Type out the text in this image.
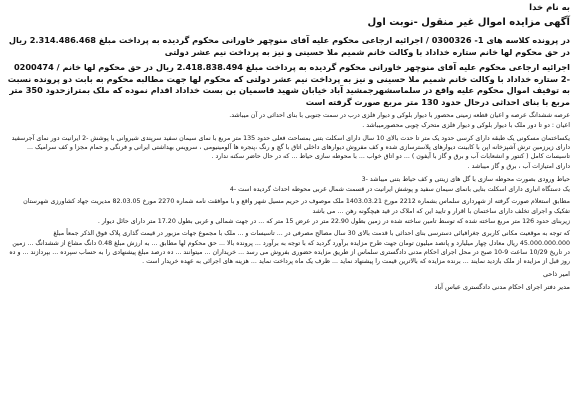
به نام خدا

آگهی مزایده اموال غیر منقول -نوبت اول

در پرونده کلاسه های 1- 0300326 / اجرائیه ارجاعی محکوم علیه آقای منوچهر خاورانی محکوم گردیده به پرداخت مبلغ 2.314.486.468 ریال در حق محکوم لها خانم ستاره خداداد با وکالت خانم شمیم ملا حسینی و نیز به پرداخت نیم عشر دولتی

اجرائیه ارجاعی محکوم علیه آقای منوچهر خاورانی محکوم گردیده به پرداخت مبلغ 2.418.838.494 ریال در حق محکوم لها خانم / 0200474 -2 ستاره خداداد با وکالت خانم شمیم ملا حسینی و نیز به پرداخت نیم عشر دولتی که محکوم لها جهت مطالبه محکوم به بابت دو پرونده نسبت به توقیف اموال محکوم علیه واقع در سلماسشهرجمشید آباد خیابان شهید قاسمیان بن بست خداداد اقدام نموده که ملک بمترازحدود 350 متر مربع با بنای احداثی درحال حدود 130 متر مربع صورت گرفته است

عرصه ششدانگ عرصه و اعیان قطعه زمینی محصور با دیوار بلوکی و دیوار فلزی درب در سمت جنوبی با بنای احداثی در آن میباشد.

اعیان : دو تا دور ملک با دیوار بلوکی و دیوار فلزی متحرک چوبی محصورمیباشد .

یکساختمان مسکونی یک طبقه دارای کرسی حدود یک متر تا حدت بالای 10 سال دارای اسکلت بتنی بمساحت فعلی حدود 135 متر مربع با نمای سیمان سفید سرپندی شیروانی با پوشش -2 ایرانیت دور نمای آجرسفید دارای زیرزمین ترش آشپزخانه اپن با کابینت دیوارهای پلاسترسازی شده و کف مفروش دیوارهای داخلی اتاق با گچ و رنگ ،پنجره ها آلومینیومی ، سرویس بهداشتی ایرانی و فرنگی و حمام مجزا و کف سرامیک ... تاسیسات کامل ( کنتور و انشعابات آب و برق و گاز با آیفون ) ... دو اتاق خواب ... با محوطه سازی حیاط ... که در حال حاضر سکنه ندارد .

دارای امتیازات آب ، برق و گاز میباشد .

حیاط ورودی بصورت محوطه سازی با گل های زینتی و کف حیاط بتنی میباشد -3

یک دستگاه انباری دارای اسکلت بنایی بانمای سیمان سفید و پوشش ایرانیت در قسمت شمال غربی محوطه احداث گردیده است -4

مطابق استعلام صورت گرفته از شهرداری سلماس بشماره 2212 مورخ 1403.03.21 ملک موصوف در حریم مسیل شهر واقع و با موافقت نامه شماره 2270 مورخ 82.03.05 مدیریت جهاد کشاورزی شهرستان تفکیک و اجرای تخلف دارای ساختمان با اقرار و تایید این که املاک در قید هیچگونه رهن ... می باشد

زیربنای حدود 126 متر مربع ساخته شده که توسط تامین ساخته شده در زمین بطول 22.90 متر در عرض 15 متر که ... در جهت شمالی و غربی بطول 17.20 متر دارای حائل دیوار .

که توجه به موقعیت مکانی کاربری جغرافیائی دسترسی بنای احداثی با قدمت بالای 30 سال مصالح مصرفی در ... تاسیسات و ... ملک با مجموع جهات مزبور در قیمت گذاری پلاک فوق الذکر جمعاً مبلغ 45.000.000.000 ریال معادل چهار میلیارد و پانصد میلیون تومان جهت طرح مزایده برآورد گردید که با توجه به برآورد ... پرونده بالا ... حق محکوم لها مطابق ... به ارزش مبلغ 0.48 دانگ مشاع از ششدانگ ... زمین در تاریخ 10/29 ساعت 9-10 صبح در محل اجرای احکام مدنی دادگستری سلماس از طریق مزایده حضوری بفروش می رسد ... خریداران ... میتوانند ... ده درصد مبلغ پیشنهادی را به حساب سپرده ... بپردازند ... و ده روز قبل از مزایده از ملک بازدید نمایند ... برنده مزایده که بالاترین قیمت را پیشنهاد نماید ... ظرف یک ماه پرداخت نماید ... هزینه های اجرائی به عهده خریدار است .

امیر ذاحی

مدیر دفتر اجرای احکام مدنی دادگستری عباس آباد
